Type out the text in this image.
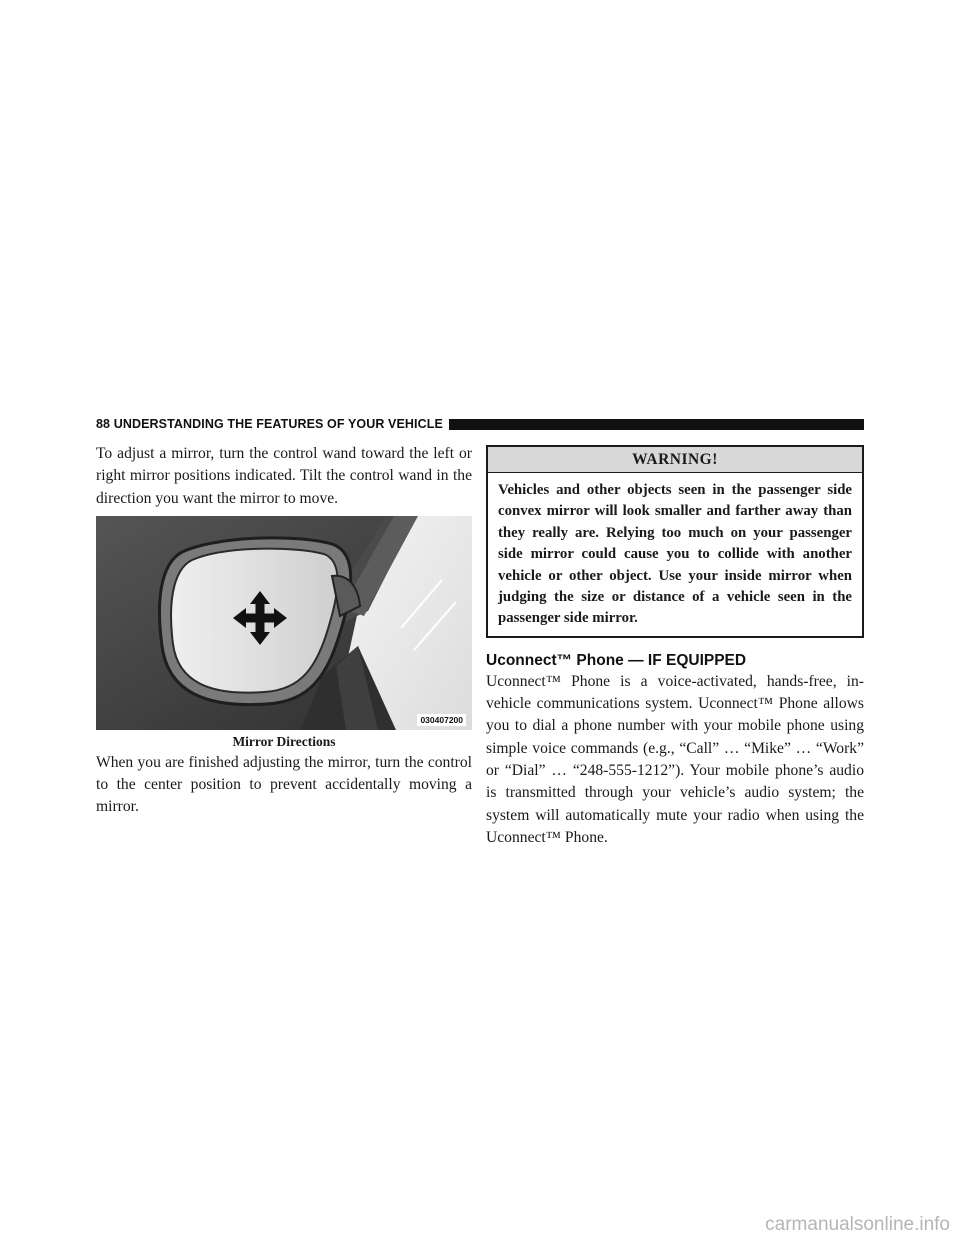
88 UNDERSTANDING THE FEATURES OF YOUR VEHICLE

To adjust a mirror, turn the control wand toward the left or right mirror positions indicated. Tilt the control wand in the direction you want the mirror to move.

030407200
Mirror Directions

When you are finished adjusting the mirror, turn the control to the center position to prevent accidentally moving a mirror.

WARNING!
Vehicles and other objects seen in the passenger side convex mirror will look smaller and farther away than they really are. Relying too much on your passenger side mirror could cause you to collide with another vehicle or other object. Use your inside mirror when judging the size or distance of a vehicle seen in the passenger side mirror.
Uconnect™ Phone — IF EQUIPPED

Uconnect™ Phone is a voice-activated, hands-free, in-vehicle communications system. Uconnect™ Phone allows you to dial a phone number with your mobile phone using simple voice commands (e.g., “Call” … “Mike” … “Work” or “Dial” … “248-555-1212”). Your mobile phone’s audio is transmitted through your vehicle’s audio system; the system will automatically mute your radio when using the Uconnect™ Phone.

carmanualsonline.info
